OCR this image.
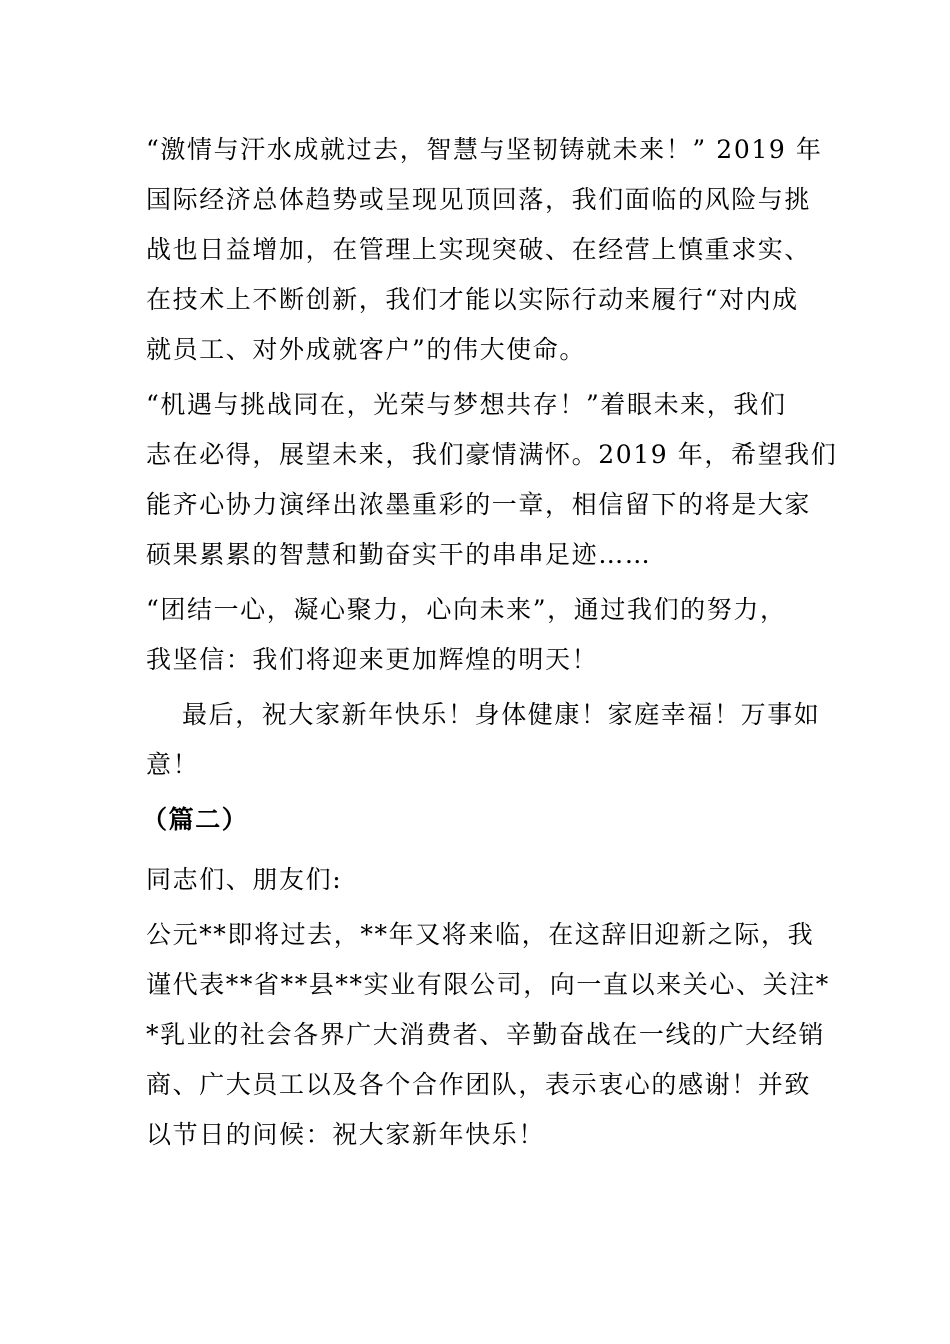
“激情与汗水成就过去，智慧与坚韧铸就未来！” 2019 年
国际经济总体趋势或呈现见顶回落，我们面临的风险与挑
战也日益增加，在管理上实现突破、在经营上慎重求实、
在技术上不断创新，我们才能以实际行动来履行“对内成
就员工、对外成就客户”的伟大使命。
“机遇与挑战同在，光荣与梦想共存！”着眼未来，我们
志在必得，展望未来，我们豪情满怀。2019 年，希望我们
能齐心协力演绎出浓墨重彩的一章，相信留下的将是大家
硕果累累的智慧和勤奋实干的串串足迹……
“团结一心，凝心聚力，心向未来”，通过我们的努力，
我坚信：我们将迎来更加辉煌的明天！
最后，祝大家新年快乐！身体健康！家庭幸福！万事如
意！
（篇二）
同志们、朋友们:
公元**即将过去，**年又将来临，在这辞旧迎新之际，我
谨代表**省**县**实业有限公司，向一直以来关心、关注*
*乳业的社会各界广大消费者、辛勤奋战在一线的广大经销
商、广大员工以及各个合作团队，表示衷心的感谢！并致
以节日的问候：祝大家新年快乐！
